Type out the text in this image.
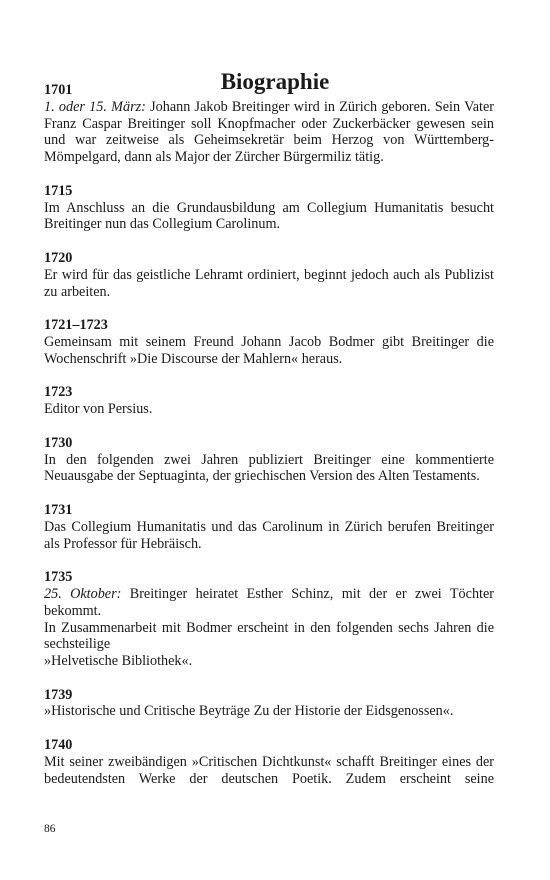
Biographie
1701
1. oder 15. März: Johann Jakob Breitinger wird in Zürich geboren. Sein Vater Franz Caspar Breitinger soll Knopfmacher oder Zuckerbäcker gewesen sein und war zeitweise als Geheimsekretär beim Herzog von Württemberg-Mömpelgard, dann als Major der Zürcher Bürgermiliz tätig.
1715
Im Anschluss an die Grundausbildung am Collegium Humanitatis besucht Breitinger nun das Collegium Carolinum.
1720
Er wird für das geistliche Lehramt ordiniert, beginnt jedoch auch als Publizist zu arbeiten.
1721–1723
Gemeinsam mit seinem Freund Johann Jacob Bodmer gibt Breitinger die Wochenschrift »Die Discourse der Mahlern« heraus.
1723
Editor von Persius.
1730
In den folgenden zwei Jahren publiziert Breitinger eine kommentierte Neuausgabe der Septuaginta, der griechischen Version des Alten Testaments.
1731
Das Collegium Humanitatis und das Carolinum in Zürich berufen Breitinger als Professor für Hebräisch.
1735
25. Oktober: Breitinger heiratet Esther Schinz, mit der er zwei Töchter bekommt.
In Zusammenarbeit mit Bodmer erscheint in den folgenden sechs Jahren die sechsteilige
»Helvetische Bibliothek«.
1739
»Historische und Critische Beyträge Zu der Historie der Eidsgenossen«.
1740
Mit seiner zweibändigen »Critischen Dichtkunst« schafft Breitinger eines der bedeutendsten Werke der deutschen Poetik. Zudem erscheint seine
86
